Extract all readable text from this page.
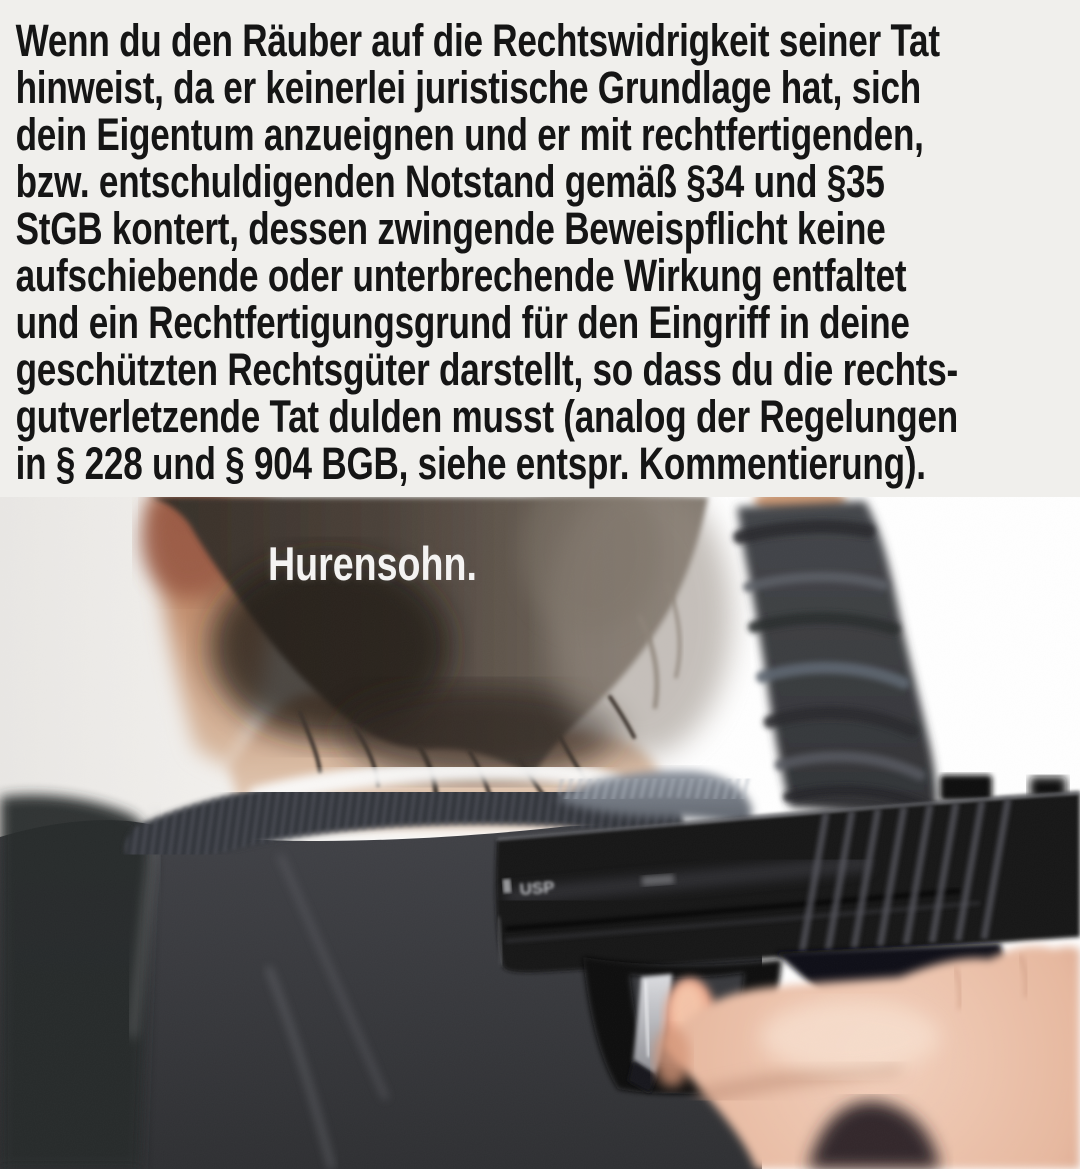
Wenn du den Räuber auf die Rechtswidrigkeit seiner Tat
hinweist, da er keinerlei juristische Grundlage hat, sich
dein Eigentum anzueignen und er mit rechtfertigenden,
bzw. entschuldigenden Notstand gemäß §34 und §35
StGB kontert, dessen zwingende Beweispflicht keine
aufschiebende oder unterbrechende Wirkung entfaltet
und ein Rechtfertigungsgrund für den Eingriff in deine
geschützten Rechtsgüter darstellt, so dass du die rechts-
gutverletzende Tat dulden musst (analog der Regelungen
in § 228 und § 904 BGB, siehe entspr. Kommentierung).
USP
Hurensohn.
